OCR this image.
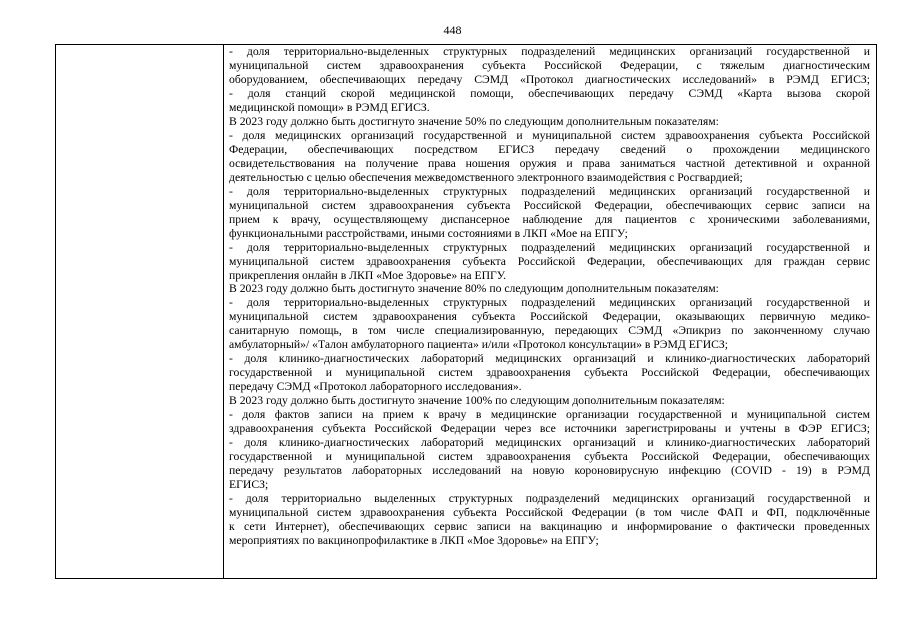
448
- доля территориально-выделенных структурных подразделений медицинских организаций государственной и
муниципальной систем здравоохранения субъекта Российской Федерации, с тяжелым диагностическим
оборудованием, обеспечивающих передачу СЭМД «Протокол диагностических исследований» в РЭМД ЕГИСЗ;
- доля станций скорой медицинской помощи, обеспечивающих передачу СЭМД «Карта вызова скорой
медицинской помощи» в РЭМД ЕГИСЗ.
В 2023 году должно быть достигнуто значение 50% по следующим дополнительным показателям:
- доля медицинских организаций государственной и муниципальной систем здравоохранения субъекта Российской
Федерации, обеспечивающих посредством ЕГИСЗ передачу сведений о прохождении медицинского
освидетельствования на получение права ношения оружия и права заниматься частной детективной и охранной
деятельностью с целью обеспечения межведомственного электронного взаимодействия с Росгвардией;
- доля территориально-выделенных структурных подразделений медицинских организаций государственной и
муниципальной систем здравоохранения субъекта Российской Федерации, обеспечивающих сервис записи на
прием к врачу, осуществляющему диспансерное наблюдение для пациентов с хроническими заболеваниями,
функциональными расстройствами, иными состояниями в ЛКП «Мое на ЕПГУ;
- доля территориально-выделенных структурных подразделений медицинских организаций государственной и
муниципальной систем здравоохранения субъекта Российской Федерации, обеспечивающих для граждан сервис
прикрепления онлайн в ЛКП «Мое Здоровье» на ЕПГУ.
В 2023 году должно быть достигнуто значение 80% по следующим дополнительным показателям:
- доля территориально-выделенных структурных подразделений медицинских организаций государственной и
муниципальной систем здравоохранения субъекта Российской Федерации, оказывающих первичную медико-
санитарную помощь, в том числе специализированную, передающих СЭМД «Эпикриз по законченному случаю
амбулаторный»/ «Талон амбулаторного пациента» и/или «Протокол консультации» в РЭМД ЕГИСЗ;
- доля клинико-диагностических лабораторий медицинских организаций и клинико-диагностических лабораторий
государственной и муниципальной систем здравоохранения субъекта Российской Федерации, обеспечивающих
передачу СЭМД «Протокол лабораторного исследования».
В 2023 году должно быть достигнуто значение 100% по следующим дополнительным показателям:
- доля фактов записи на прием к врачу в медицинские организации государственной и муниципальной систем
здравоохранения субъекта Российской Федерации через все источники зарегистрированы и учтены в ФЭР ЕГИСЗ;
- доля клинико-диагностических лабораторий медицинских организаций и клинико-диагностических лабораторий
государственной и муниципальной систем здравоохранения субъекта Российской Федерации, обеспечивающих
передачу результатов лабораторных исследований на новую короновирусную инфекцию (COVID - 19) в РЭМД
ЕГИСЗ;
- доля территориально выделенных структурных подразделений медицинских организаций государственной и
муниципальной систем здравоохранения субъекта Российской Федерации (в том числе ФАП и ФП, подключённые
к сети Интернет), обеспечивающих сервис записи на вакцинацию и информирование о фактически проведенных
мероприятиях по вакцинопрофилактике в ЛКП «Мое Здоровье» на ЕПГУ;
